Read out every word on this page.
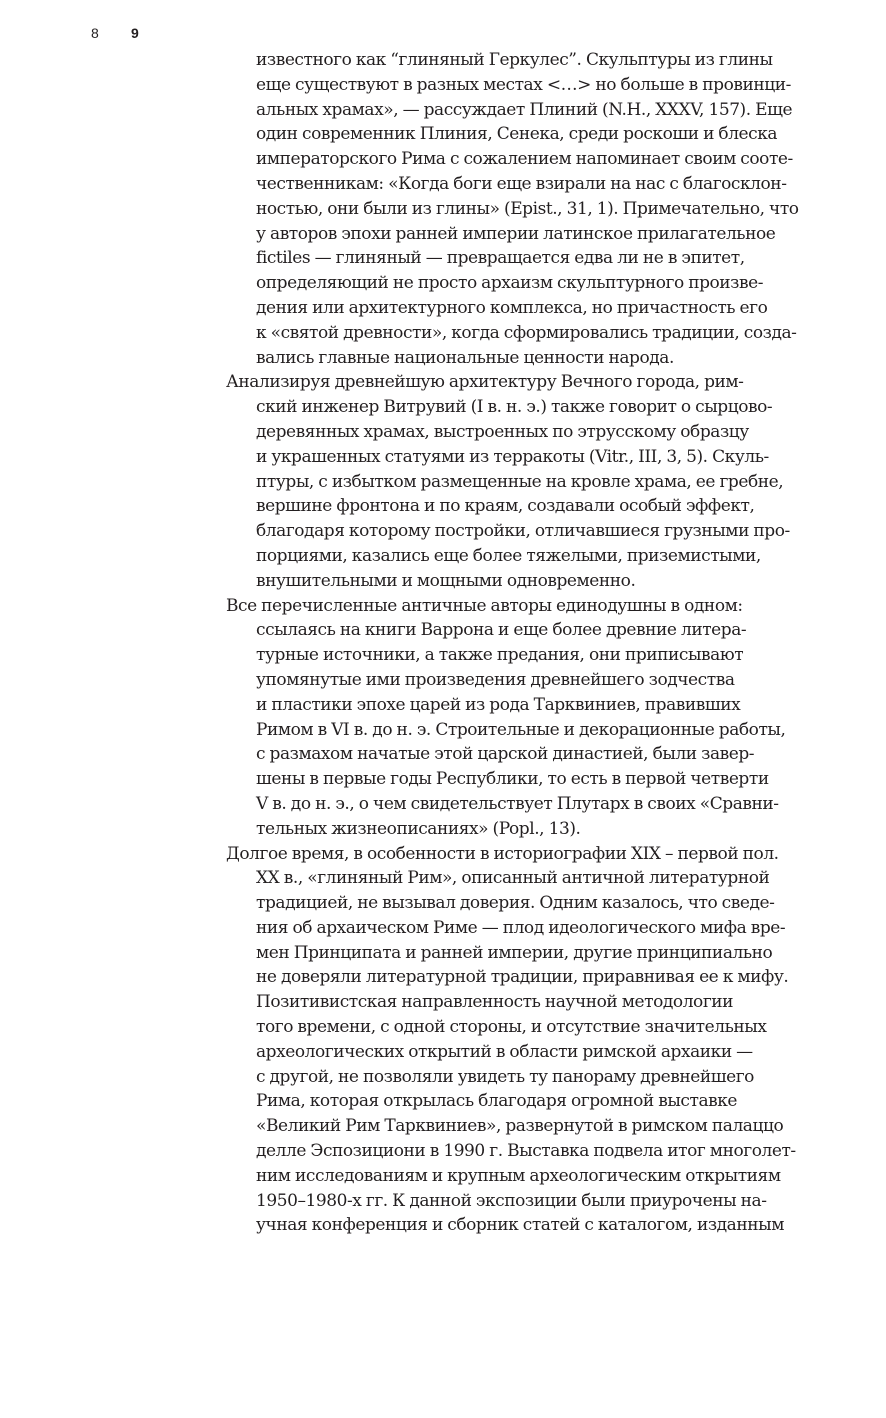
8 9

известного как “глиняный Геркулес”. Скульптуры из глины
еще существуют в разных местах <…> но больше в провинци-
альных храмах», — рассуждает Плиний (N.H., XXXV, 157). Еще
один современник Плиния, Сенека, среди роскоши и блеска
императорского Рима с сожалением напоминает своим соотe-
чественникам: «Когда боги еще взирали на нас с благосклон-
ностью, они были из глины» (Epist., 31, 1). Примечательно, что
у авторов эпохи ранней империи латинское прилагательное
fictiles — глиняный — превращается едва ли не в эпитет,
определяющий не просто архаизм скульптурного произве-
дения или архитектурного комплекса, но причастность его
к «святой древности», когда сформировались традиции, созда-
вались главные национальные ценности народа.

Анализируя древнейшую архитектуру Вечного города, рим-
ский инженер Витрувий (I в. н. э.) также говорит о сырцово-
деревянных храмах, выстроенных по этрусскому образцу
и украшенных статуями из терракоты (Vitr., III, 3, 5). Скуль-
птуры, с избытком размещенные на кровле храма, ее гребне,
вершине фронтона и по краям, создавали особый эффект,
благодаря которому постройки, отличавшиеся грузными про-
порциями, казались еще более тяжелыми, приземистыми,
внушительными и мощными одновременно.

Все перечисленные античные авторы единодушны в одном:
ссылаясь на книги Варрона и еще более древние литера-
турные источники, а также предания, они приписывают
упомянутые ими произведения древнейшего зодчества
и пластики эпохе царей из рода Тарквиниев, правивших
Римом в VI в. до н. э. Строительные и декорационные работы,
с размахом начатые этой царской династией, были завер-
шены в первые годы Республики, то есть в первой четверти
V в. до н. э., о чем свидетельствует Плутарх в своих «Сравни-
тельных жизнеописаниях» (Popl., 13).

Долгое время, в особенности в историографии XIX – первой пол.
XX в., «глиняный Рим», описанный античной литературной
традицией, не вызывал доверия. Одним казалось, что сведе-
ния об архаическом Риме — плод идеологического мифа вре-
мен Принципата и ранней империи, другие принципиально
не доверяли литературной традиции, приравнивая ее к мифу.
Позитивистская направленность научной методологии
того времени, с одной стороны, и отсутствие значительных
археологических открытий в области римской архаики —
с другой, не позволяли увидеть ту панораму древнейшего
Рима, которая открылась благодаря огромной выставке
«Великий Рим Тарквиниев», развернутой в римском палаццо
делле Эспозициони в 1990 г. Выставка подвела итог многолет-
ним исследованиям и крупным археологическим открытиям
1950–1980-х гг. К данной экспозиции были приурочены на-
учная конференция и сборник статей с каталогом, изданным
